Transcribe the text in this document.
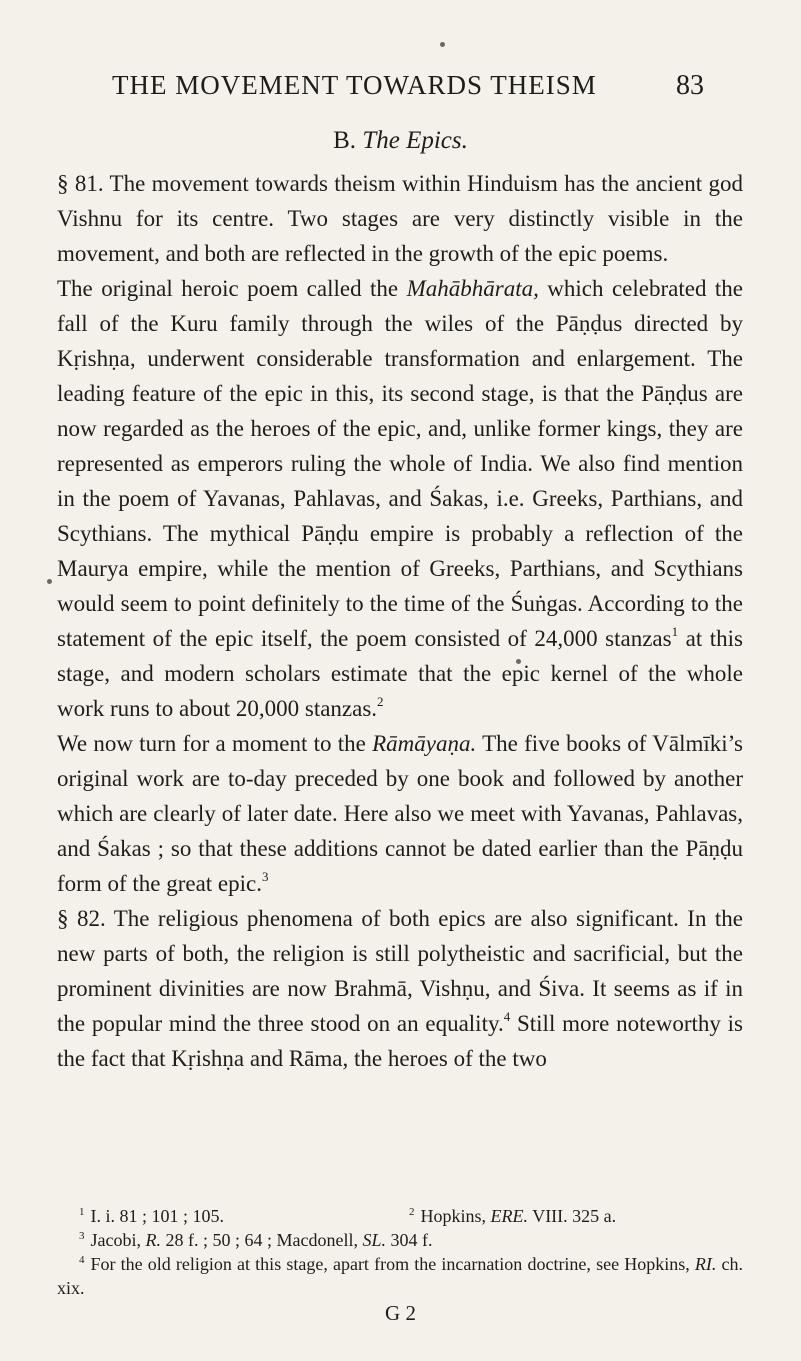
THE MOVEMENT TOWARDS THEISM	83
B. The Epics.

§ 81. The movement towards theism within Hinduism has the ancient god Vishnu for its centre. Two stages are very distinctly visible in the movement, and both are reflected in the growth of the epic poems.

The original heroic poem called the Mahābhārata, which celebrated the fall of the Kuru family through the wiles of the Pāṇḍus directed by Kṛishṇa, underwent considerable transformation and enlargement. The leading feature of the epic in this, its second stage, is that the Pāṇḍus are now regarded as the heroes of the epic, and, unlike former kings, they are represented as emperors ruling the whole of India. We also find mention in the poem of Yavanas, Pahlavas, and Śakas, i.e. Greeks, Parthians, and Scythians. The mythical Pāṇḍu empire is probably a reflection of the Maurya empire, while the mention of Greeks, Parthians, and Scythians would seem to point definitely to the time of the Śuṅgas. According to the statement of the epic itself, the poem consisted of 24,000 stanzas$^1$ at this stage, and modern scholars estimate that the epic kernel of the whole work runs to about 20,000 stanzas.$^2$

We now turn for a moment to the Rāmāyaṇa. The five books of Vālmīki’s original work are to-day preceded by one book and followed by another which are clearly of later date. Here also we meet with Yavanas, Pahlavas, and Śakas ; so that these additions cannot be dated earlier than the Pāṇḍu form of the great epic.$^3$

§ 82. The religious phenomena of both epics are also significant. In the new parts of both, the religion is still polytheistic and sacrificial, but the prominent divinities are now Brahmā, Vishṇu, and Śiva. It seems as if in the popular mind the three stood on an equality.$^4$ Still more noteworthy is the fact that Kṛishṇa and Rāma, the heroes of the two

$^1$ I. i. 81 ; 101 ; 105.	$^2$ Hopkins, ERE. VIII. 325 a.
$^3$ Jacobi, R. 28 f. ; 50 ; 64 ; Macdonell, SL. 304 f.
$^4$ For the old religion at this stage, apart from the incarnation doctrine, see Hopkins, RI. ch. xix.
G 2
